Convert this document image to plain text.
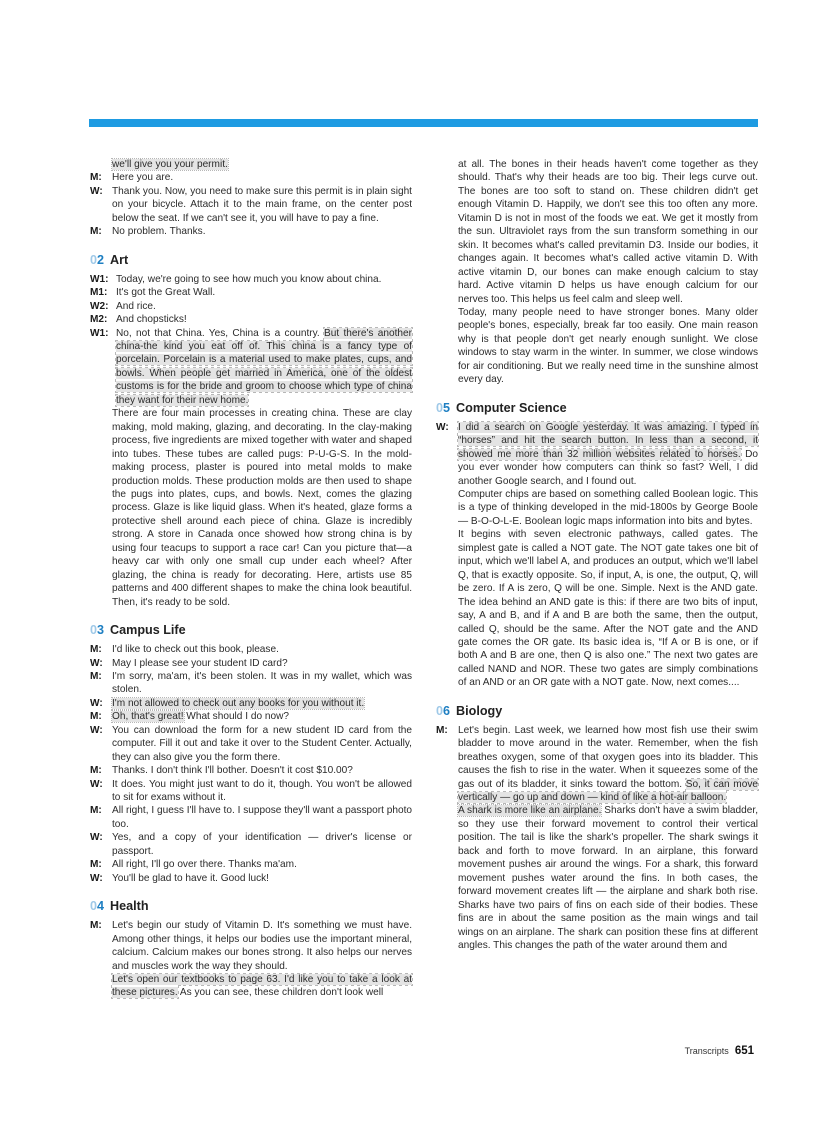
we'll give you your permit.
M:	Here you are.
W: Thank you. Now, you need to make sure this permit is in plain sight on your bicycle. Attach it to the main frame, on the center post below the seat. If we can't see it, you will have to pay a fine.
M:	No problem. Thanks.
02 Art
W1: Today, we're going to see how much you know about china.
M1: It's got the Great Wall.
W2: And rice.
M2: And chopsticks!
W1: No, not that China. Yes, China is a country. But there's another china-the kind you eat off of. This china is a fancy type of porcelain. Porcelain is a material used to make plates, cups, and bowls. When people get married in America, one of the oldest customs is for the bride and groom to choose which type of china they want for their new home.
There are four main processes in creating china. These are clay making, mold making, glazing, and decorating. In the clay-making process, five ingredients are mixed together with water and shaped into tubes. These tubes are called pugs: P-U-G-S. In the mold-making process, plaster is poured into metal molds to make production molds. These production molds are then used to shape the pugs into plates, cups, and bowls. Next, comes the glazing process. Glaze is like liquid glass. When it's heated, glaze forms a protective shell around each piece of china. Glaze is incredibly strong. A store in Canada once showed how strong china is by using four teacups to support a race car! Can you picture that—a heavy car with only one small cup under each wheel? After glazing, the china is ready for decorating. Here, artists use 85 patterns and 400 different shapes to make the china look beautiful. Then, it's ready to be sold.
03 Campus Life
M:	I'd like to check out this book, please.
W: May I please see your student ID card?
M:	I'm sorry, ma'am, it's been stolen. It was in my wallet, which was stolen.
W: I'm not allowed to check out any books for you without it.
M:	Oh, that's great! What should I do now?
W: You can download the form for a new student ID card from the computer. Fill it out and take it over to the Student Center. Actually, they can also give you the form there.
M:	Thanks. I don't think I'll bother. Doesn't it cost $10.00?
W: It does. You might just want to do it, though. You won't be allowed to sit for exams without it.
M:	All right, I guess I'll have to. I suppose they'll want a passport photo too.
W: Yes, and a copy of your identification — driver's license or passport.
M:	All right, I'll go over there. Thanks ma'am.
W: You'll be glad to have it. Good luck!
04 Health
M:	Let's begin our study of Vitamin D. It's something we must have. Among other things, it helps our bodies use the important mineral, calcium. Calcium makes our bones strong. It also helps our nerves and muscles work the way they should.
Let's open our textbooks to page 63. I'd like you to take a look at these pictures. As you can see, these children don't look well
at all. The bones in their heads haven't come together as they should. That's why their heads are too big. Their legs curve out. The bones are too soft to stand on. These children didn't get enough Vitamin D. Happily, we don't see this too often any more. Vitamin D is not in most of the foods we eat. We get it mostly from the sun. Ultraviolet rays from the sun transform something in our skin. It becomes what's called previtamin D3. Inside our bodies, it changes again. It becomes what's called active vitamin D. With active vitamin D, our bones can make enough calcium to stay hard. Active vitamin D helps us have enough calcium for our nerves too. This helps us feel calm and sleep well.
Today, many people need to have stronger bones. Many older people's bones, especially, break far too easily. One main reason why is that people don't get nearly enough sunlight. We close windows to stay warm in the winter. In summer, we close windows for air conditioning. But we really need time in the sunshine almost every day.
05 Computer Science
W: I did a search on Google yesterday. It was amazing. I typed in “horses” and hit the search button. In less than a second, it showed me more than 32 million websites related to horses. Do you ever wonder how computers can think so fast? Well, I did another Google search, and I found out.
Computer chips are based on something called Boolean logic. This is a type of thinking developed in the mid-1800s by George Boole — B-O-O-L-E. Boolean logic maps information into bits and bytes.
It begins with seven electronic pathways, called gates. The simplest gate is called a NOT gate. The NOT gate takes one bit of input, which we'll label A, and produces an output, which we'll label Q, that is exactly opposite. So, if input, A, is one, the output, Q, will be zero. If A is zero, Q will be one. Simple. Next is the AND gate. The idea behind an AND gate is this: if there are two bits of input, say, A and B, and if A and B are both the same, then the output, called Q, should be the same. After the NOT gate and the AND gate comes the OR gate. Its basic idea is, “If A or B is one, or if both A and B are one, then Q is also one.” The next two gates are called NAND and NOR. These two gates are simply combinations of an AND or an OR gate with a NOT gate. Now, next comes....
06 Biology
M:	Let's begin. Last week, we learned how most fish use their swim bladder to move around in the water. Remember, when the fish breathes oxygen, some of that oxygen goes into its bladder. This causes the fish to rise in the water. When it squeezes some of the gas out of its bladder, it sinks toward the bottom. So, it can move vertically — go up and down — kind of like a hot-air balloon.
A shark is more like an airplane. Sharks don't have a swim bladder, so they use their forward movement to control their vertical position. The tail is like the shark's propeller. The shark swings it back and forth to move forward. In an airplane, this forward movement pushes air around the wings. For a shark, this forward movement pushes water around the fins. In both cases, the forward movement creates lift — the airplane and shark both rise. Sharks have two pairs of fins on each side of their bodies. These fins are in about the same position as the main wings and tail wings on an airplane. The shark can position these fins at different angles. This changes the path of the water around them and
Transcripts 651
